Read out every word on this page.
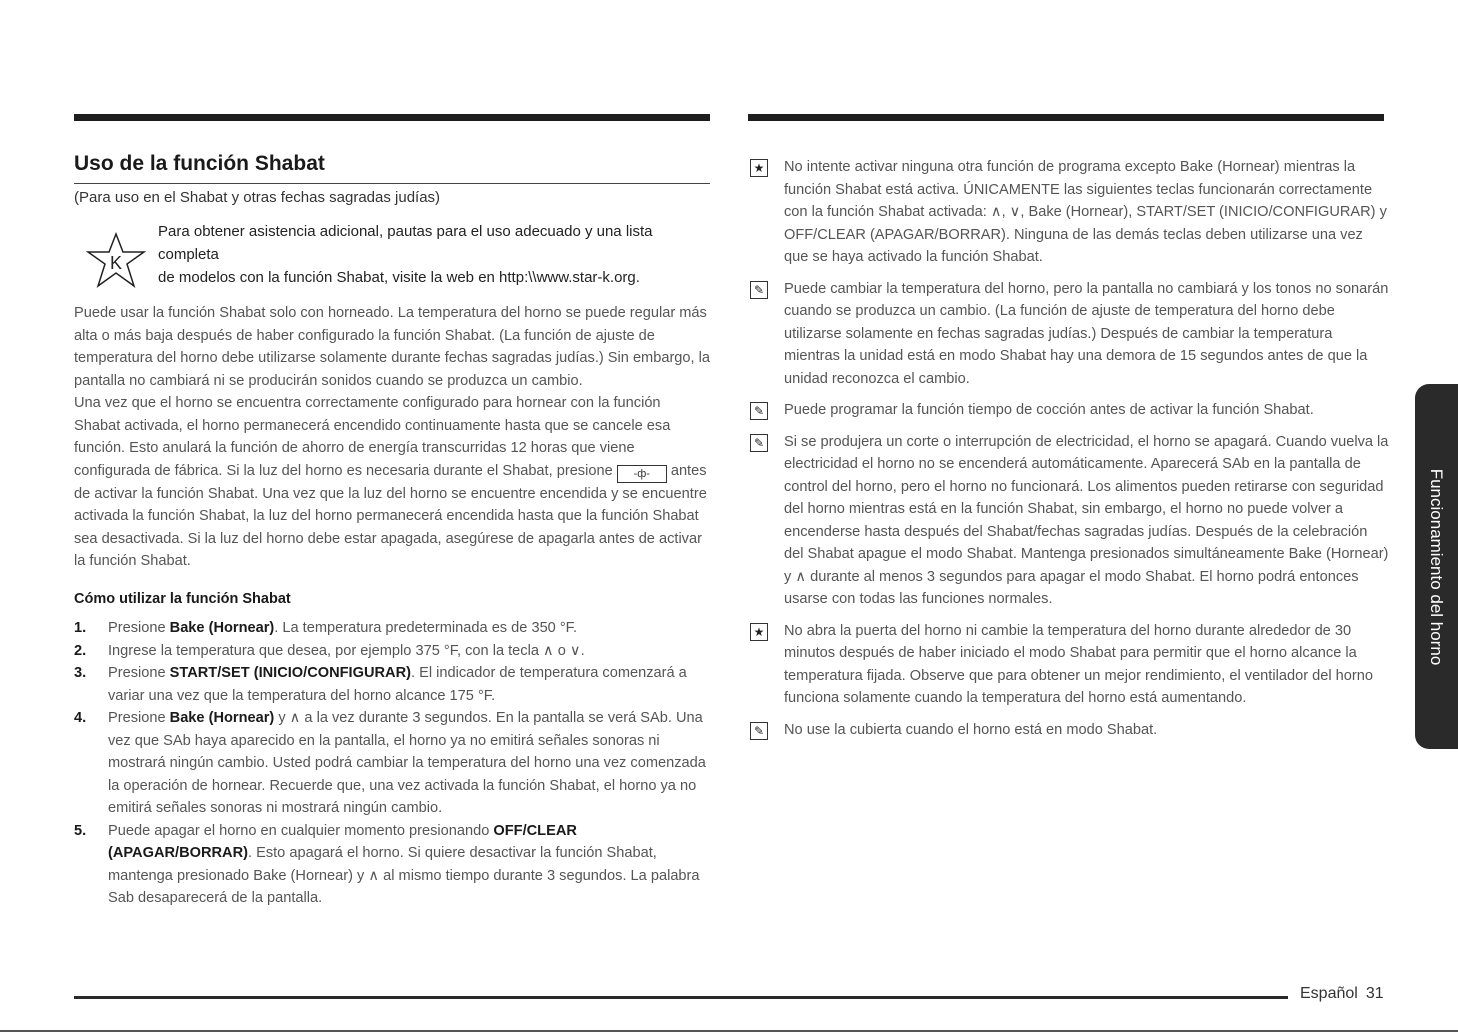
Uso de la función Shabat
(Para uso en el Shabat y otras fechas sagradas judías)
K
Para obtener asistencia adicional, pautas para el uso adecuado y una lista completa
de modelos con la función Shabat, visite la web en http:\\www.star-k.org.

Puede usar la función Shabat solo con horneado. La temperatura del horno se puede regular más alta o más baja después de haber configurado la función Shabat. (La función de ajuste de temperatura del horno debe utilizarse solamente durante fechas sagradas judías.) Sin embargo, la pantalla no cambiará ni se producirán sonidos cuando se produzca un cambio.

Una vez que el horno se encuentra correctamente configurado para hornear con la función Shabat activada, el horno permanecerá encendido continuamente hasta que se cancele esa función. Esto anulará la función de ahorro de energía transcurridas 12 horas que viene configurada de fábrica. Si la luz del horno es necesaria durante el Shabat, presione -ф- antes de activar la función Shabat. Una vez que la luz del horno se encuentre encendida y se encuentre activada la función Shabat, la luz del horno permanecerá encendida hasta que la función Shabat sea desactivada. Si la luz del horno debe estar apagada, asegúrese de apagarla antes de activar la función Shabat.

Cómo utilizar la función Shabat
1. Presione Bake (Hornear). La temperatura predeterminada es de 350 °F.
2. Ingrese la temperatura que desea, por ejemplo 375 °F, con la tecla ∧ o ∨.
3. Presione START/SET (INICIO/CONFIGURAR). El indicador de temperatura comenzará a variar una vez que la temperatura del horno alcance 175 °F.
4. Presione Bake (Hornear) y ∧ a la vez durante 3 segundos. En la pantalla se verá SAb. Una vez que SAb haya aparecido en la pantalla, el horno ya no emitirá señales sonoras ni mostrará ningún cambio. Usted podrá cambiar la temperatura del horno una vez comenzada la operación de hornear. Recuerde que, una vez activada la función Shabat, el horno ya no emitirá señales sonoras ni mostrará ningún cambio.
5. Puede apagar el horno en cualquier momento presionando OFF/CLEAR (APAGAR/BORRAR). Esto apagará el horno. Si quiere desactivar la función Shabat, mantenga presionado Bake (Hornear) y ∧ al mismo tiempo durante 3 segundos. La palabra Sab desaparecerá de la pantalla.
★ No intente activar ninguna otra función de programa excepto Bake (Hornear) mientras la función Shabat está activa. ÚNICAMENTE las siguientes teclas funcionarán correctamente con la función Shabat activada: ∧, ∨, Bake (Hornear), START/SET (INICIO/CONFIGURAR) y OFF/CLEAR (APAGAR/BORRAR). Ninguna de las demás teclas deben utilizarse una vez que se haya activado la función Shabat.
✎ Puede cambiar la temperatura del horno, pero la pantalla no cambiará y los tonos no sonarán cuando se produzca un cambio. (La función de ajuste de temperatura del horno debe utilizarse solamente en fechas sagradas judías.) Después de cambiar la temperatura mientras la unidad está en modo Shabat hay una demora de 15 segundos antes de que la unidad reconozca el cambio.
✎ Puede programar la función tiempo de cocción antes de activar la función Shabat.
✎ Si se produjera un corte o interrupción de electricidad, el horno se apagará. Cuando vuelva la electricidad el horno no se encenderá automáticamente. Aparecerá SAb en la pantalla de control del horno, pero el horno no funcionará. Los alimentos pueden retirarse con seguridad del horno mientras está en la función Shabat, sin embargo, el horno no puede volver a encenderse hasta después del Shabat/fechas sagradas judías. Después de la celebración del Shabat apague el modo Shabat. Mantenga presionados simultáneamente Bake (Hornear) y ∧ durante al menos 3 segundos para apagar el modo Shabat. El horno podrá entonces usarse con todas las funciones normales.
★ No abra la puerta del horno ni cambie la temperatura del horno durante alrededor de 30 minutos después de haber iniciado el modo Shabat para permitir que el horno alcance la temperatura fijada. Observe que para obtener un mejor rendimiento, el ventilador del horno funciona solamente cuando la temperatura del horno está aumentando.
✎ No use la cubierta cuando el horno está en modo Shabat.
Funcionamiento del horno
Español 31
